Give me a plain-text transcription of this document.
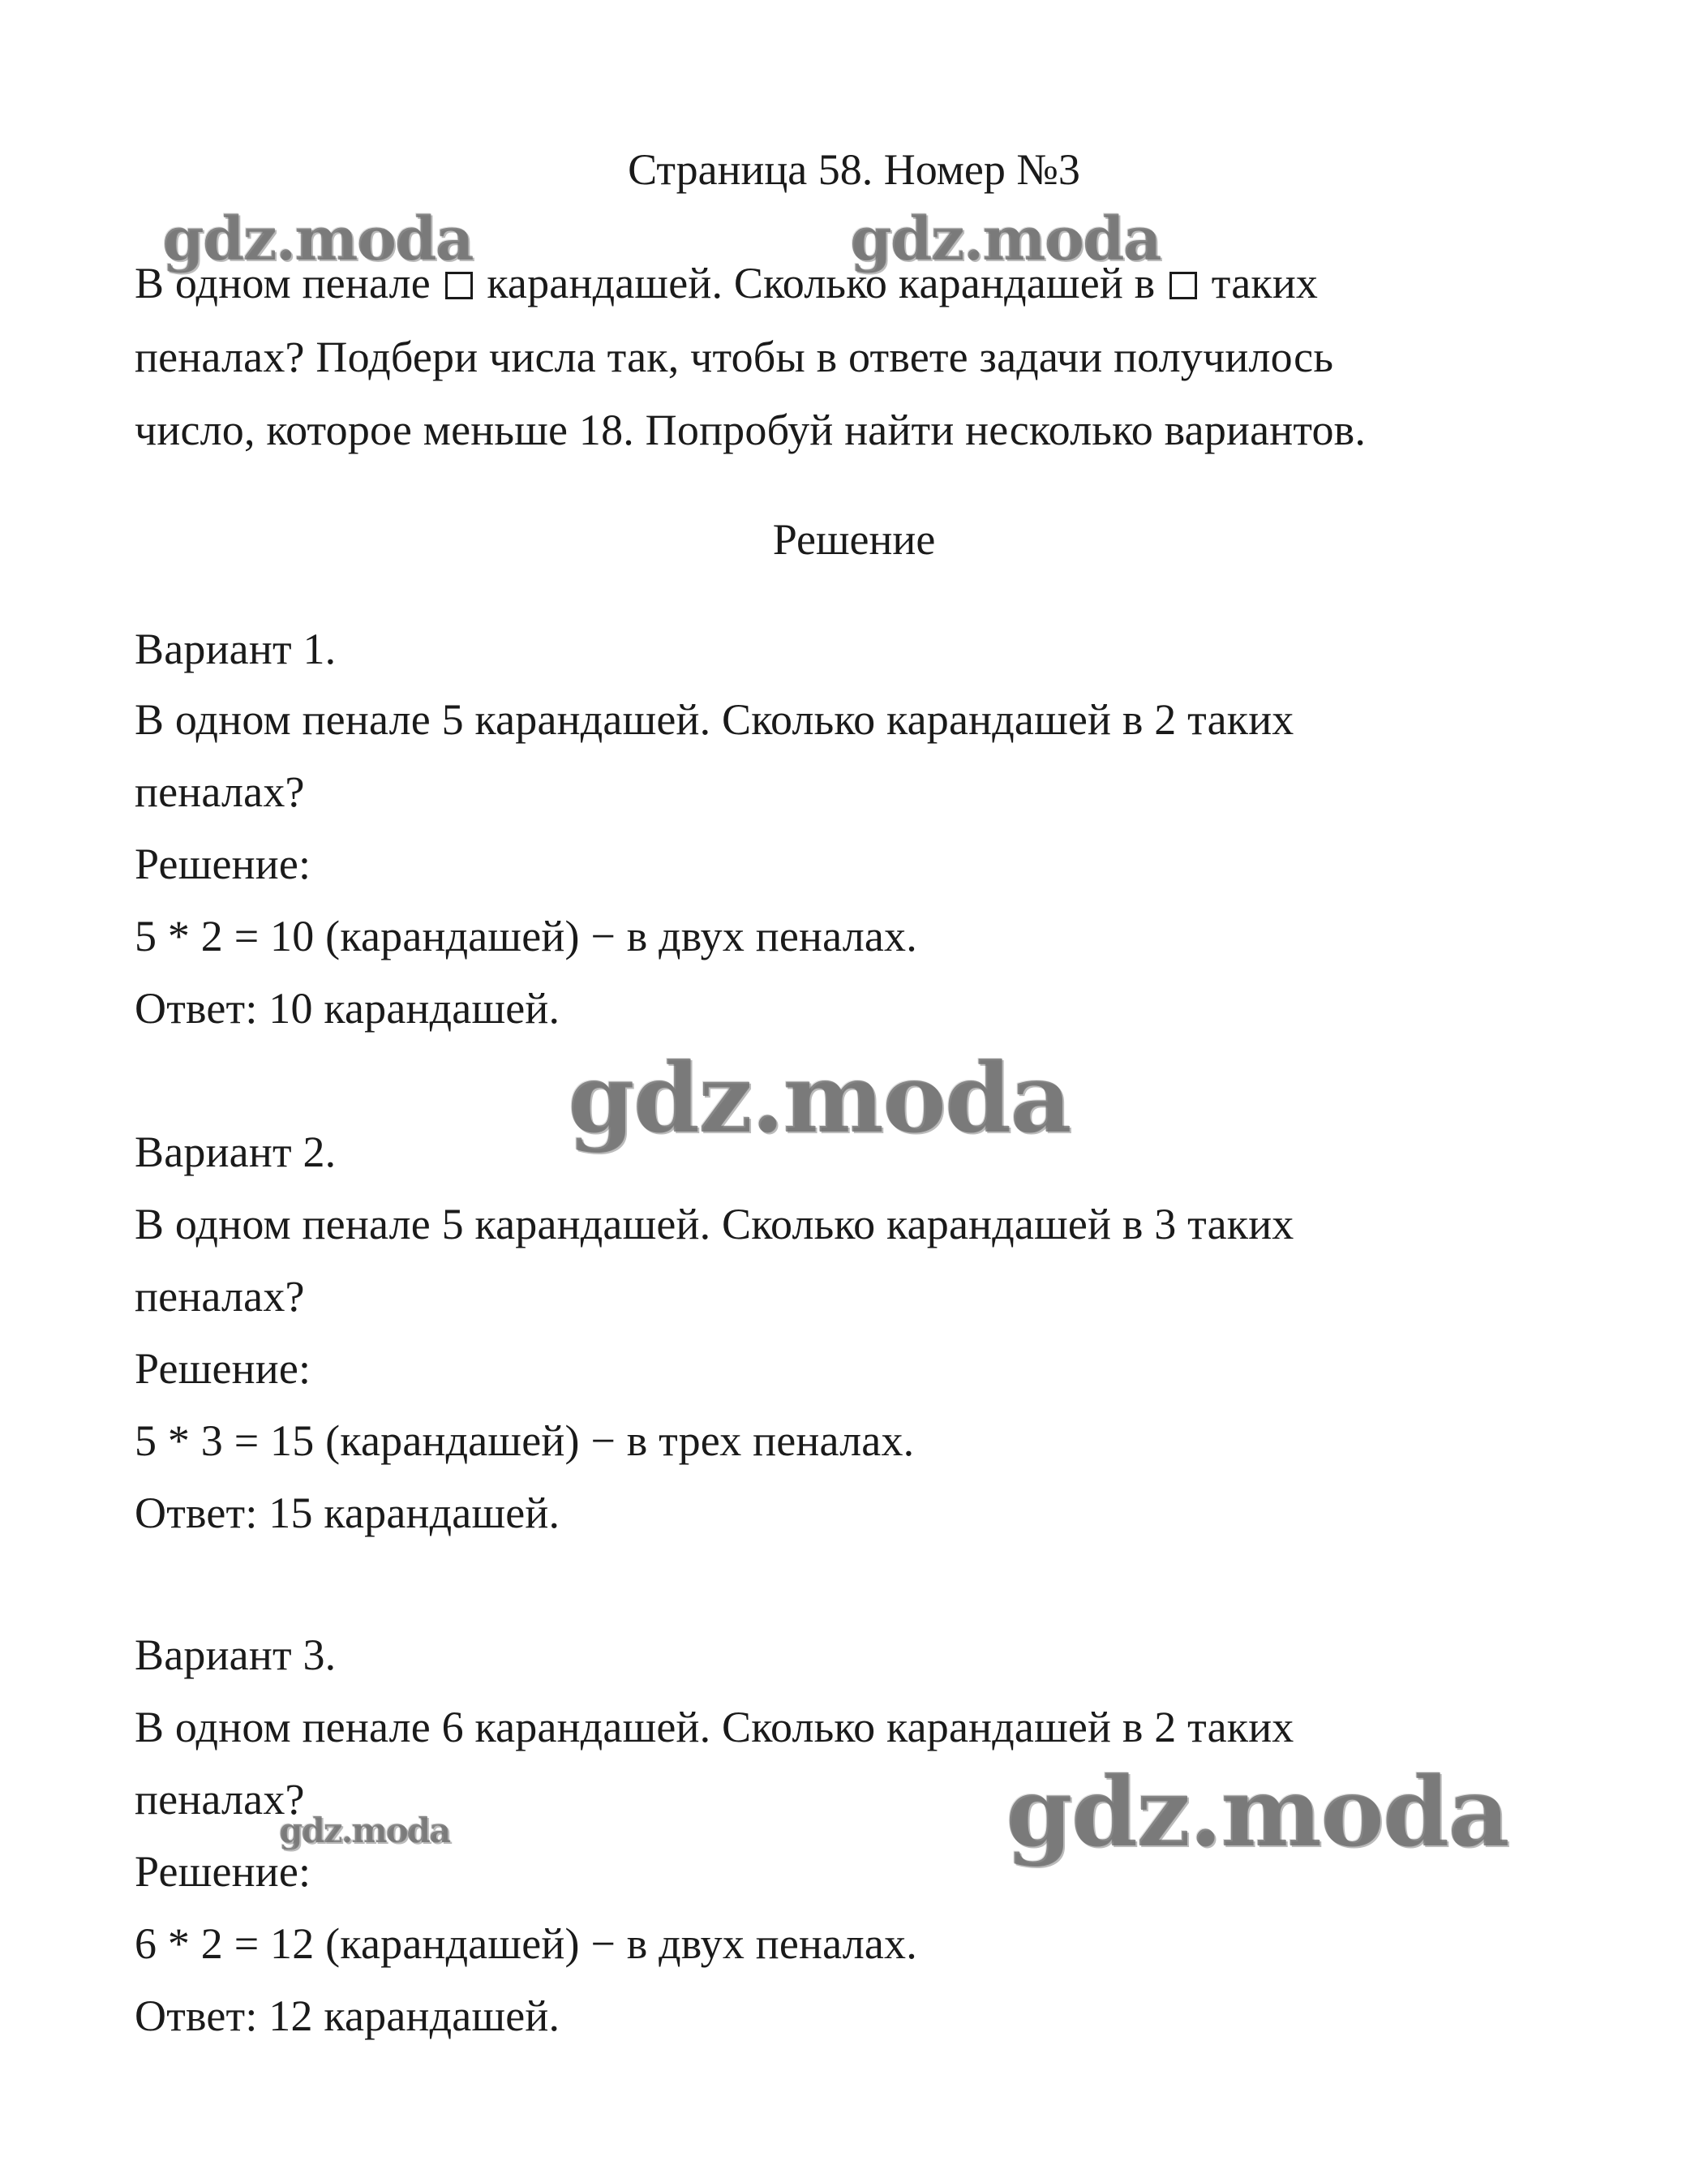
Страница 58. Номер №3
В одном пенале карандашей. Сколько карандашей в таких
пеналах? Подбери числа так, чтобы в ответе задачи получилось
число, которое меньше 18. Попробуй найти несколько вариантов.
Решение
Вариант 1.
В одном пенале 5 карандашей. Сколько карандашей в 2 таких
пеналах?
Решение:
5 * 2 = 10 (карандашей) − в двух пеналах.
Ответ: 10 карандашей.
Вариант 2.
В одном пенале 5 карандашей. Сколько карандашей в 3 таких
пеналах?
Решение:
5 * 3 = 15 (карандашей) − в трех пеналах.
Ответ: 15 карандашей.
Вариант 3.
В одном пенале 6 карандашей. Сколько карандашей в 2 таких
пеналах?
Решение:
6 * 2 = 12 (карандашей) − в двух пеналах.
Ответ: 12 карандашей.
gdz.moda	gdz.moda
gdz.moda
gdz.moda
gdz.moda
